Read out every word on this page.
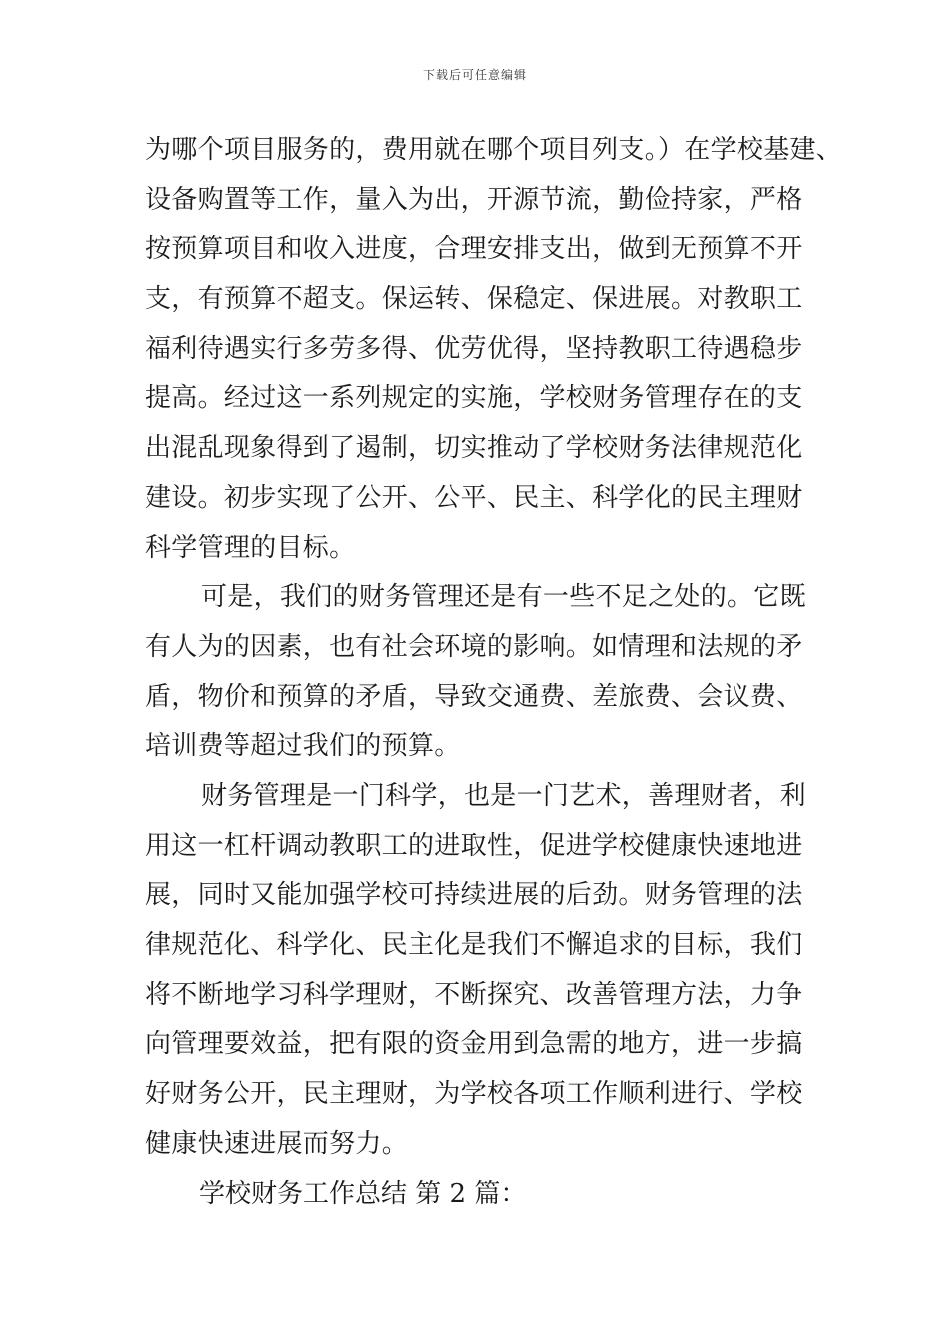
下载后可任意编辑
为哪个项目服务的，费用就在哪个项目列支。）在学校基建、
设备购置等工作，量入为出，开源节流，勤俭持家，严格
按预算项目和收入进度，合理安排支出，做到无预算不开
支，有预算不超支。保运转、保稳定、保进展。对教职工
福利待遇实行多劳多得、优劳优得，坚持教职工待遇稳步
提高。经过这一系列规定的实施，学校财务管理存在的支
出混乱现象得到了遏制，切实推动了学校财务法律规范化
建设。初步实现了公开、公平、民主、科学化的民主理财
科学管理的目标。
可是，我们的财务管理还是有一些不足之处的。它既
有人为的因素，也有社会环境的影响。如情理和法规的矛
盾，物价和预算的矛盾，导致交通费、差旅费、会议费、
培训费等超过我们的预算。
财务管理是一门科学，也是一门艺术，善理财者，利
用这一杠杆调动教职工的进取性，促进学校健康快速地进
展，同时又能加强学校可持续进展的后劲。财务管理的法
律规范化、科学化、民主化是我们不懈追求的目标，我们
将不断地学习科学理财，不断探究、改善管理方法，力争
向管理要效益，把有限的资金用到急需的地方，进一步搞
好财务公开，民主理财，为学校各项工作顺利进行、学校
健康快速进展而努力。
学校财务工作总结 第 2 篇：
